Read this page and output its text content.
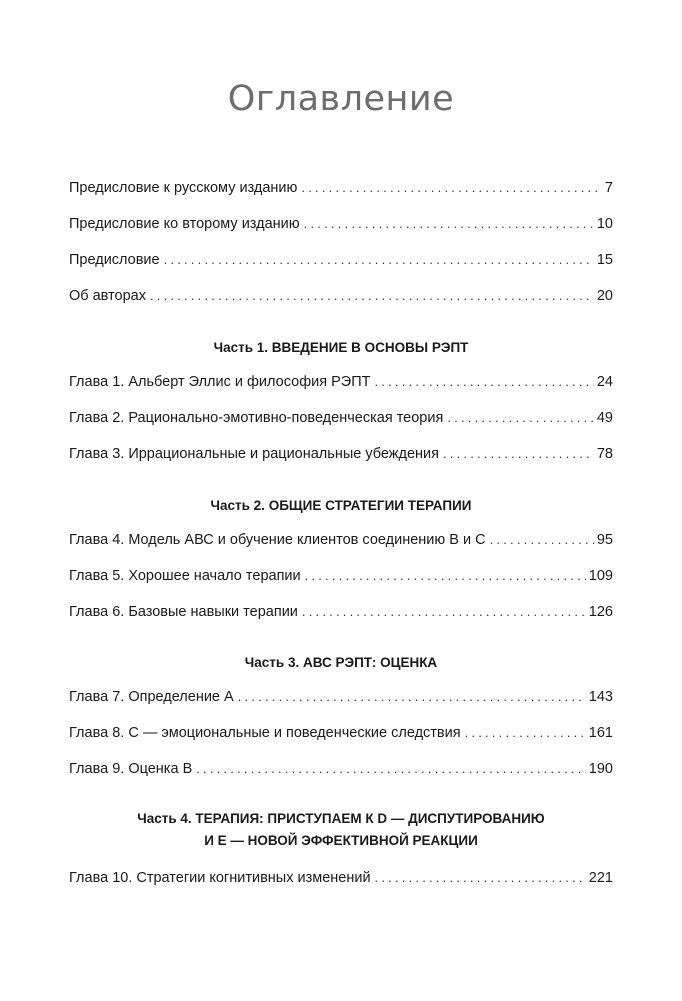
Оглавление
Предисловие к русскому изданию .....	7
Предисловие ко второму изданию .....	10
Предисловие .....	15
Об авторах .....	20
Часть 1. ВВЕДЕНИЕ В ОСНОВЫ РЭПТ
Глава 1. Альберт Эллис и философия РЭПТ .....	24
Глава 2. Рационально-эмотивно-поведенческая теория .....	49
Глава 3. Иррациональные и рациональные убеждения .....	78
Часть 2. ОБЩИЕ СТРАТЕГИИ ТЕРАПИИ
Глава 4. Модель АВС и обучение клиентов соединению В и С .....	95
Глава 5. Хорошее начало терапии .....	109
Глава 6. Базовые навыки терапии .....	126
Часть 3. АВС РЭПТ: ОЦЕНКА
Глава 7. Определение А .....	143
Глава 8. С — эмоциональные и поведенческие следствия .....	161
Глава 9. Оценка В .....	190
Часть 4. ТЕРАПИЯ: ПРИСТУПАЕМ К D — ДИСПУТИРОВАНИЮ
И Е — НОВОЙ ЭФФЕКТИВНОЙ РЕАКЦИИ
Глава 10. Стратегии когнитивных изменений .....	221
